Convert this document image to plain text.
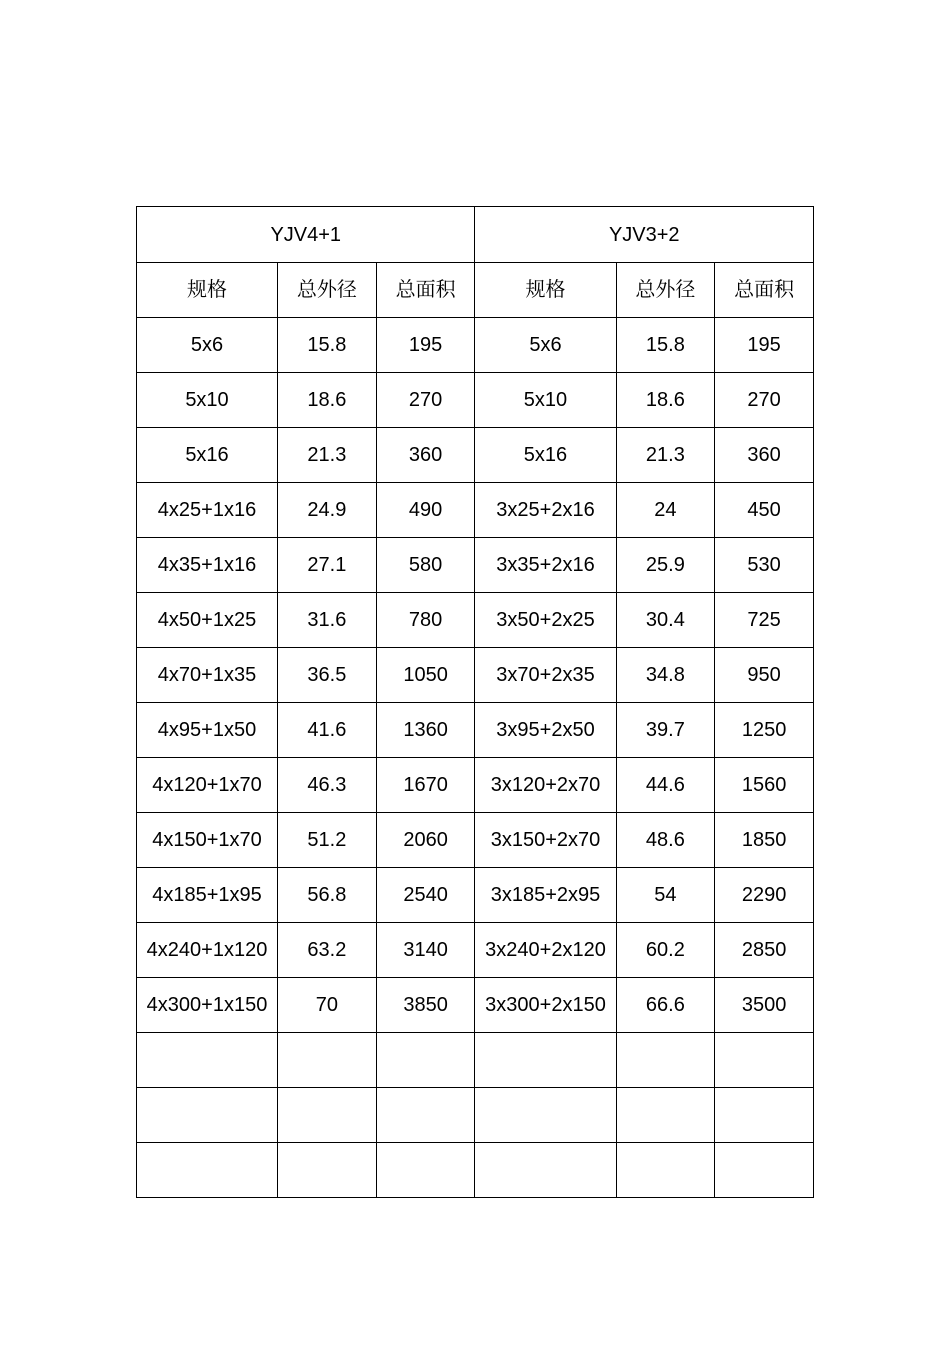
YJV4+1			YJV3+2		
规格	总外径	总面积	规格	总外径	总面积
5x6	15.8	195	5x6	15.8	195
5x10	18.6	270	5x10	18.6	270
5x16	21.3	360	5x16	21.3	360
4x25+1x16	24.9	490	3x25+2x16	24	450
4x35+1x16	27.1	580	3x35+2x16	25.9	530
4x50+1x25	31.6	780	3x50+2x25	30.4	725
4x70+1x35	36.5	1050	3x70+2x35	34.8	950
4x95+1x50	41.6	1360	3x95+2x50	39.7	1250
4x120+1x70	46.3	1670	3x120+2x70	44.6	1560
4x150+1x70	51.2	2060	3x150+2x70	48.6	1850
4x185+1x95	56.8	2540	3x185+2x95	54	2290
4x240+1x120	63.2	3140	3x240+2x120	60.2	2850
4x300+1x150	70	3850	3x300+2x150	66.6	3500
